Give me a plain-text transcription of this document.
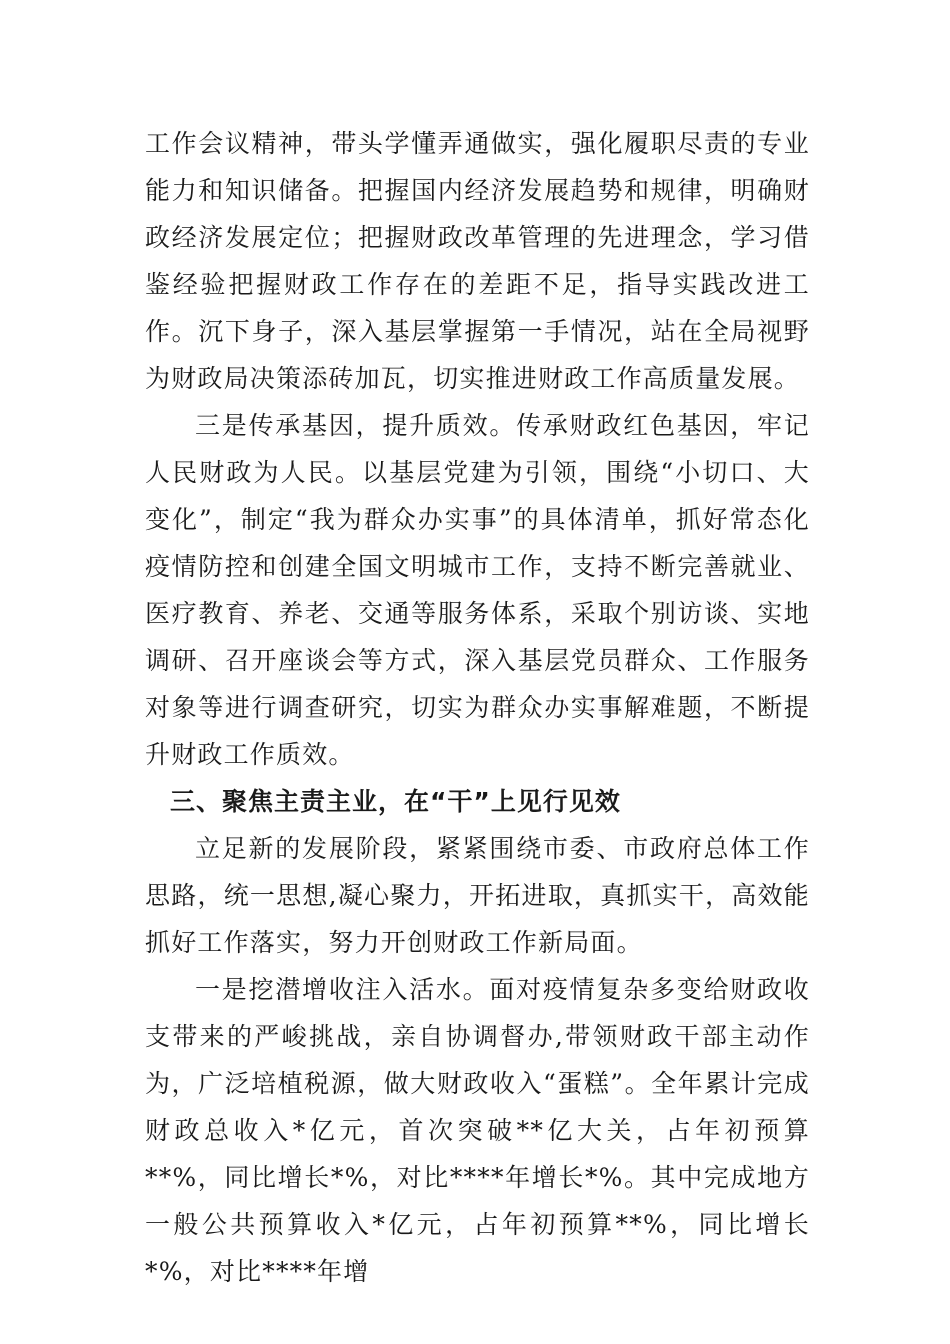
工作会议精神，带头学懂弄通做实，强化履职尽责的专业能力和知识储备。把握国内经济发展趋势和规律，明确财政经济发展定位；把握财政改革管理的先进理念，学习借鉴经验把握财政工作存在的差距不足，指导实践改进工作。沉下身子，深入基层掌握第一手情况，站在全局视野为财政局决策添砖加瓦，切实推进财政工作高质量发展。

三是传承基因，提升质效。传承财政红色基因，牢记人民财政为人民。以基层党建为引领，围绕“小切口、大变化”，制定“我为群众办实事”的具体清单，抓好常态化疫情防控和创建全国文明城市工作，支持不断完善就业、医疗教育、养老、交通等服务体系，采取个别访谈、实地调研、召开座谈会等方式，深入基层党员群众、工作服务对象等进行调查研究，切实为群众办实事解难题，不断提升财政工作质效。

三、聚焦主责主业，在“干”上见行见效

立足新的发展阶段，紧紧围绕市委、市政府总体工作思路，统一思想,凝心聚力，开拓进取，真抓实干，高效能抓好工作落实，努力开创财政工作新局面。

一是挖潜增收注入活水。面对疫情复杂多变给财政收支带来的严峻挑战，亲自协调督办,带领财政干部主动作为，广泛培植税源，做大财政收入“蛋糕”。全年累计完成财政总收入*亿元，首次突破**亿大关，占年初预算**%，同比增长*%，对比****年增长*%。其中完成地方一般公共预算收入*亿元，占年初预算**%，同比增长*%，对比****年增
